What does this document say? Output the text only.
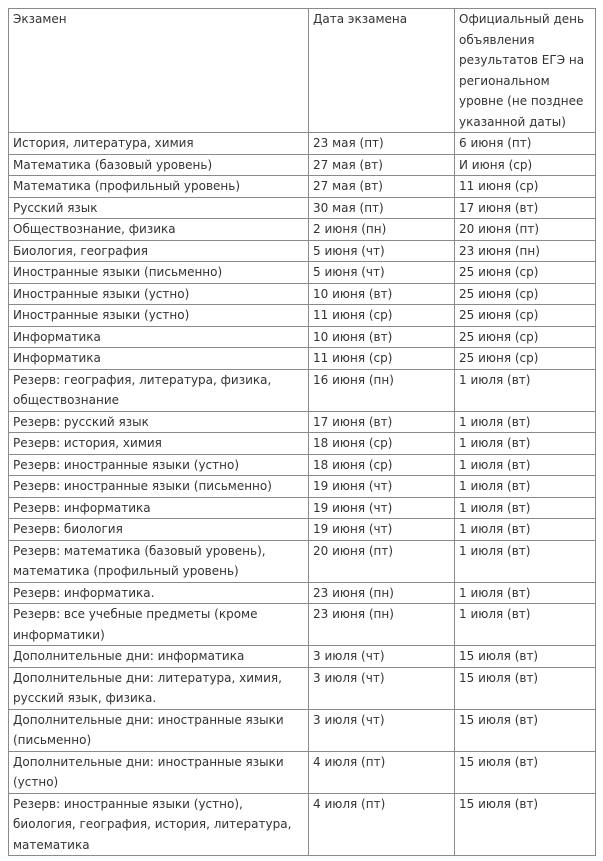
Экзамен	Дата экзамена	Официальный день объявления результатов ЕГЭ на региональном уровне (не позднее указанной даты)
История, литература, химия	23 мая (пт)	6 июня (пт)
Математика (базовый уровень)	27 мая (вт)	И июня (ср)
Математика (профильный уровень)	27 мая (вт)	11 июня (ср)
Русский язык	30 мая (пт)	17 июня (вт)
Обществознание, физика	2 июня (пн)	20 июня (пт)
Биология, география	5 июня (чт)	23 июня (пн)
Иностранные языки (письменно)	5 июня (чт)	25 июня (ср)
Иностранные языки (устно)	10 июня (вт)	25 июня (ср)
Иностранные языки (устно)	11 июня (ср)	25 июня (ср)
Информатика	10 июня (вт)	25 июня (ср)
Информатика	11 июня (ср)	25 июня (ср)
Резерв: география, литература, физика, обществознание	16 июня (пн)	1 июля (вт)
Резерв: русский язык	17 июня (вт)	1 июля (вт)
Резерв: история, химия	18 июня (ср)	1 июля (вт)
Резерв: иностранные языки (устно)	18 июня (ср)	1 июля (вт)
Резерв: иностранные языки (письменно)	19 июня (чт)	1 июля (вт)
Резерв: информатика	19 июня (чт)	1 июля (вт)
Резерв: биология	19 июня (чт)	1 июля (вт)
Резерв: математика (базовый уровень), математика (профильный уровень)	20 июня (пт)	1 июля (вт)
Резерв: информатика.	23 июня (пн)	1 июля (вт)
Резерв: все учебные предметы (кроме информатики)	23 июня (пн)	1 июля (вт)
Дополнительные дни: информатика	3 июля (чт)	15 июля (вт)
Дополнительные дни: литература, химия, русский язык, физика.	3 июля (чт)	15 июля (вт)
Дополнительные дни: иностранные языки (письменно)	3 июля (чт)	15 июля (вт)
Дополнительные дни: иностранные языки (устно)	4 июля (пт)	15 июля (вт)
Резерв: иностранные языки (устно), биология, география, история, литература, математика	4 июля (пт)	15 июля (вт)
